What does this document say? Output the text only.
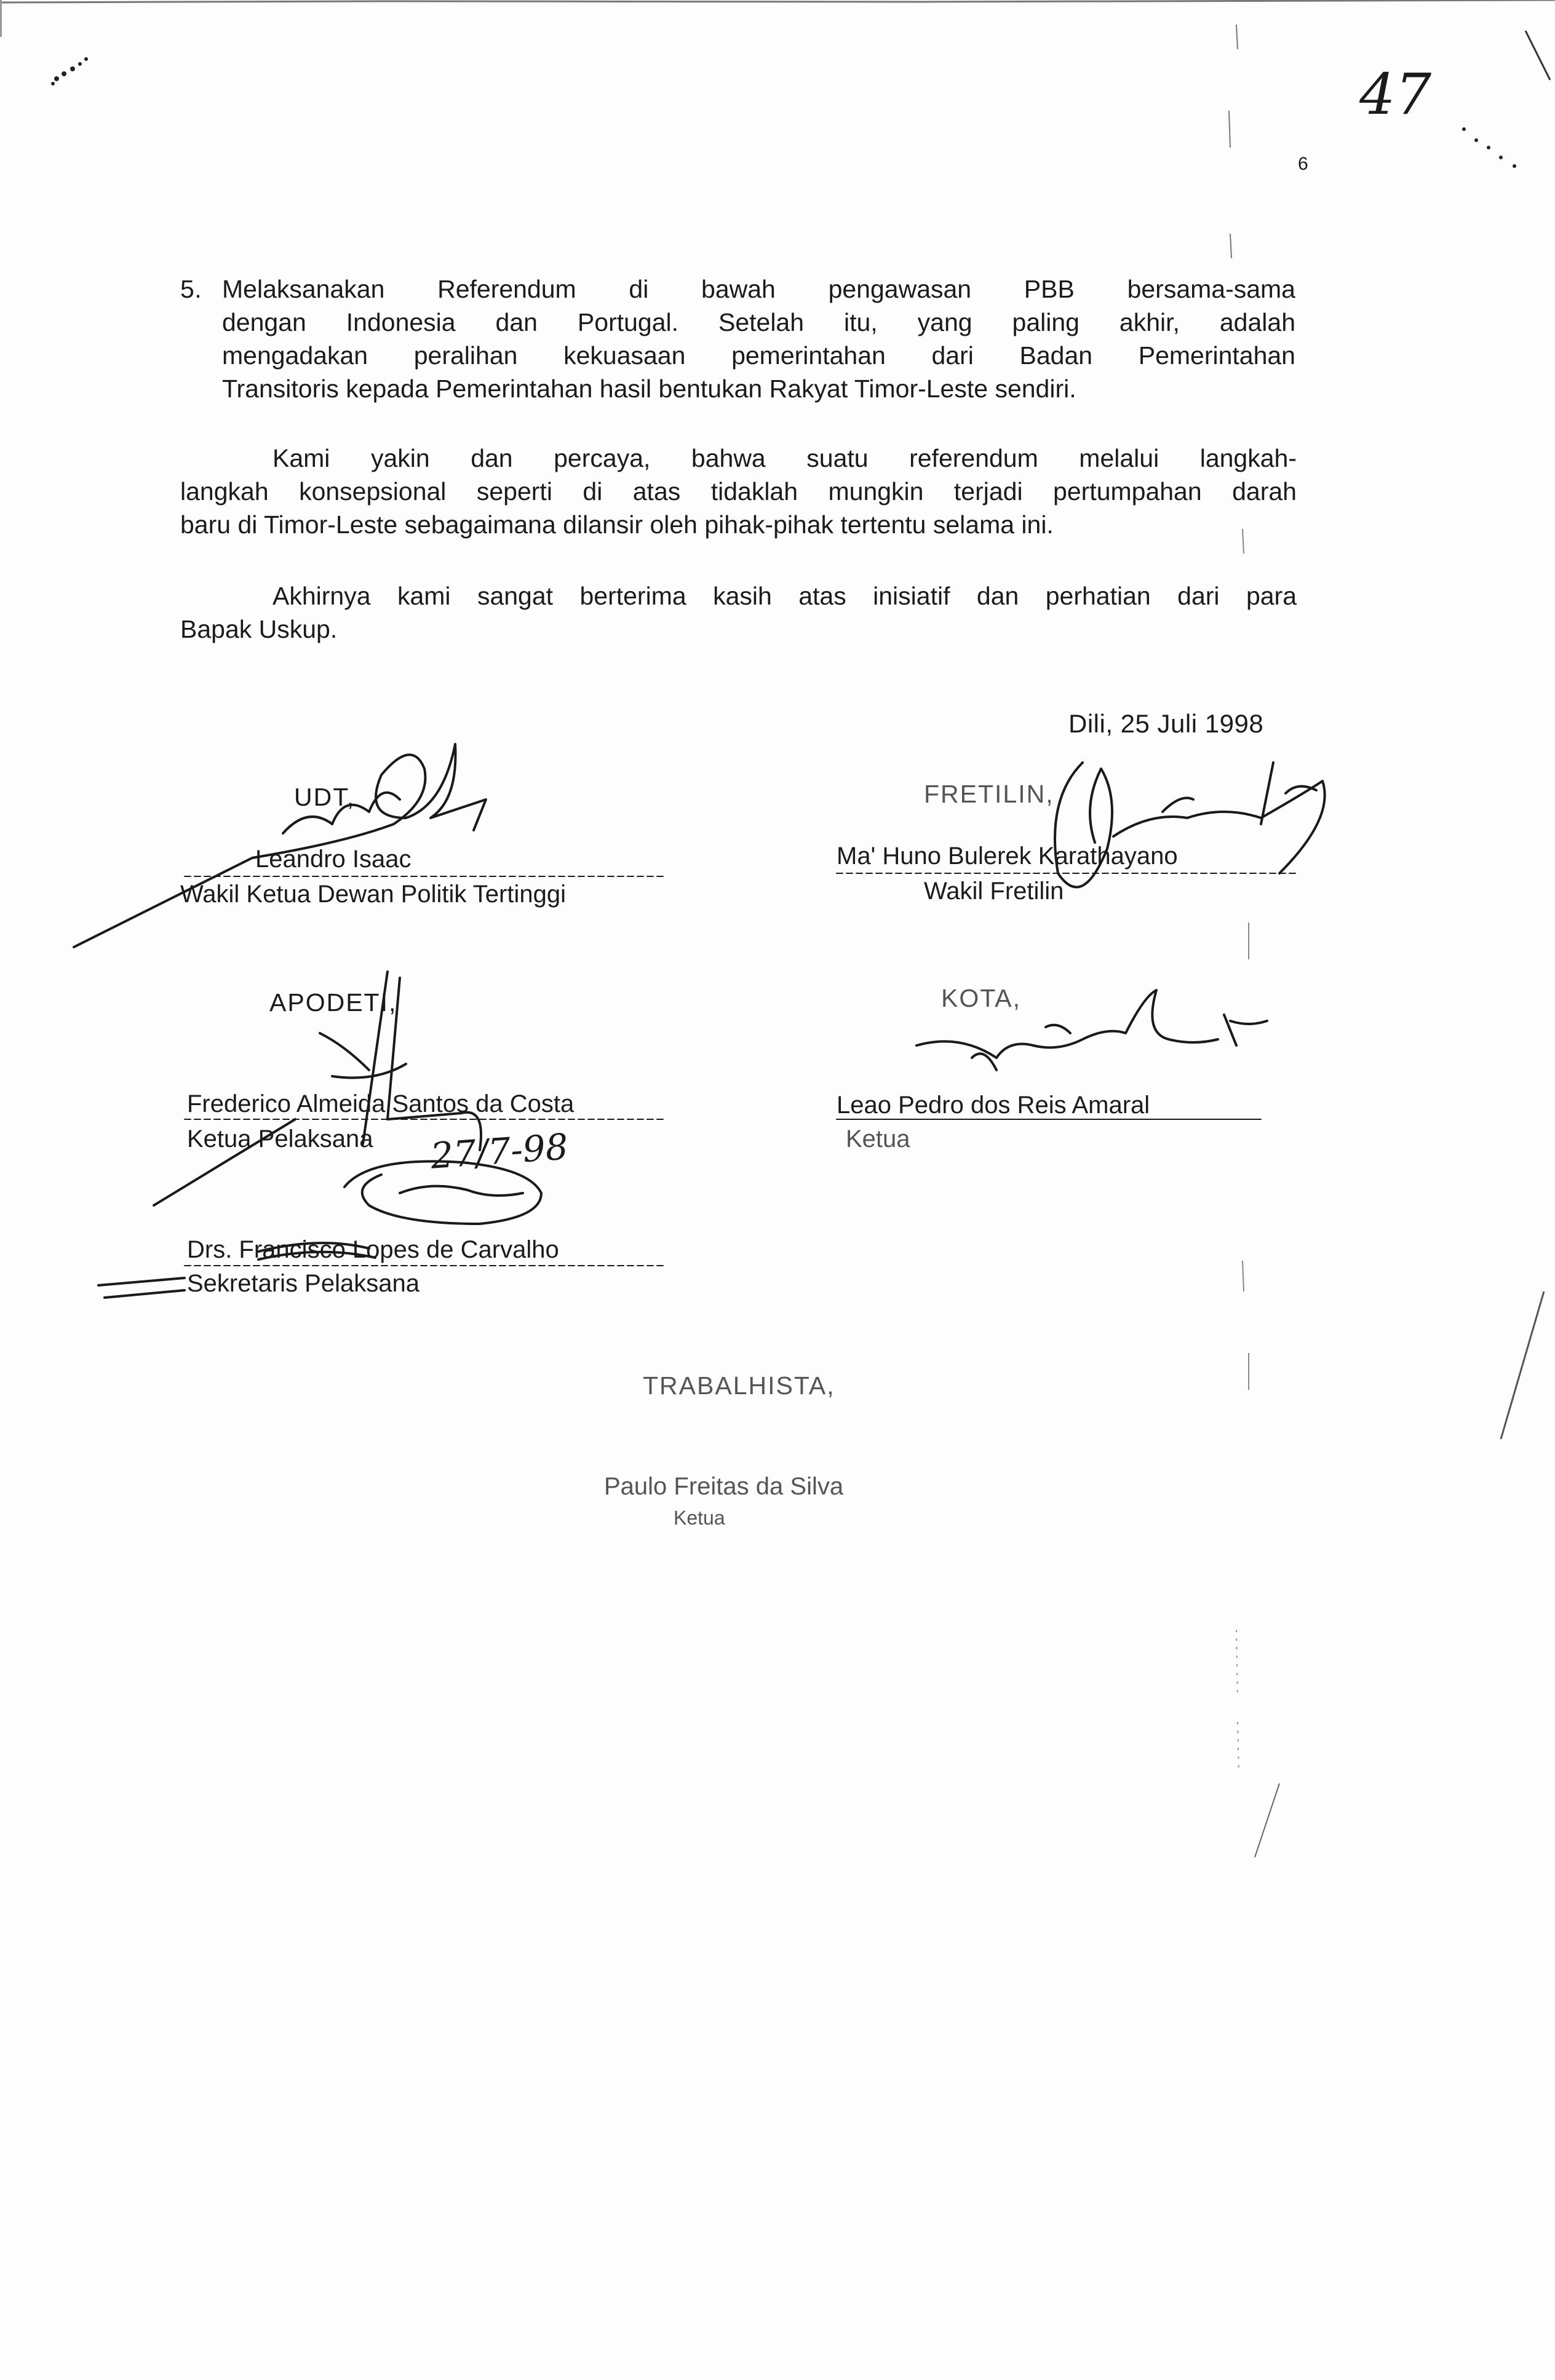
47
6
5. Melaksanakan Referendum di bawah pengawasan PBB bersama-sama
dengan Indonesia dan Portugal. Setelah itu, yang paling akhir, adalah
mengadakan peralihan kekuasaan pemerintahan dari Badan Pemerintahan
Transitoris kepada Pemerintahan hasil bentukan Rakyat Timor-Leste sendiri.
Kami yakin dan percaya, bahwa suatu referendum melalui langkah-
langkah konsepsional seperti di atas tidaklah mungkin terjadi pertumpahan darah
baru di Timor-Leste sebagaimana dilansir oleh pihak-pihak tertentu selama ini.
Akhirnya kami sangat berterima kasih atas inisiatif dan perhatian dari para
Bapak Uskup.
Dili, 25 Juli 1998
UDT,
Leandro Isaac
Wakil Ketua Dewan Politik Tertinggi
FRETILIN,
Ma' Huno Bulerek Karathayano
Wakil Fretilin
APODETI,
Frederico Almeida Santos da Costa
Ketua Pelaksana 27/7-98
Drs. Francisco Lopes de Carvalho
Sekretaris Pelaksana
KOTA,
Leao Pedro dos Reis Amaral
Ketua
TRABALHISTA,
Paulo Freitas da Silva
Ketua
